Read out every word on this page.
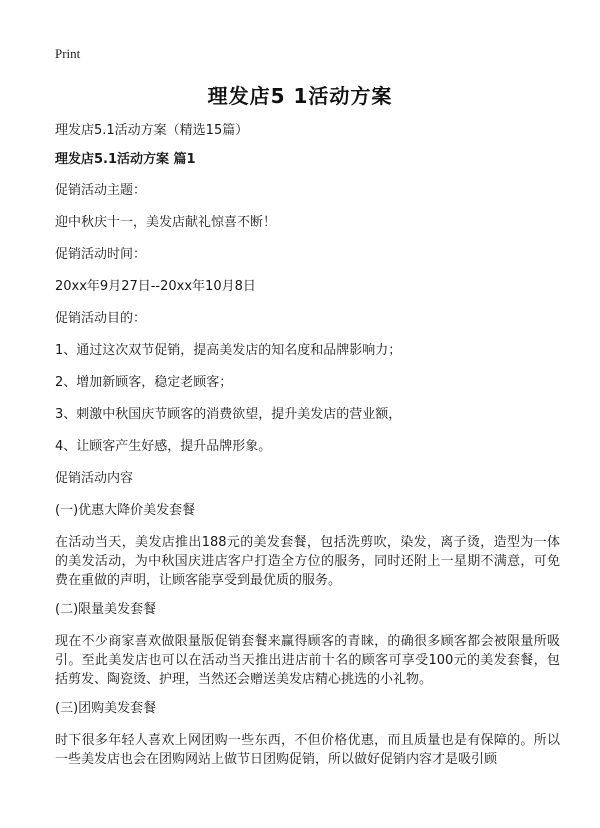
Print
理发店5 1活动方案

理发店5.1活动方案（精选15篇）

理发店5.1活动方案 篇1

促销活动主题：

迎中秋庆十一，美发店献礼惊喜不断！

促销活动时间：

20xx年9月27日--20xx年10月8日

促销活动目的：

1、通过这次双节促销，提高美发店的知名度和品牌影响力；

2、增加新顾客，稳定老顾客；

3、刺激中秋国庆节顾客的消费欲望，提升美发店的营业额，

4、让顾客产生好感，提升品牌形象。

促销活动内容

(一)优惠大降价美发套餐

在活动当天，美发店推出188元的美发套餐，包括洗剪吹，染发，离子烫，造型为一体的美发活动，为中秋国庆进店客户打造全方位的服务，同时还附上一星期不满意，可免费在重做的声明，让顾客能享受到最优质的服务。

(二)限量美发套餐

现在不少商家喜欢做限量版促销套餐来赢得顾客的青睐，的确很多顾客都会被限量所吸引。至此美发店也可以在活动当天推出进店前十名的顾客可享受100元的美发套餐，包括剪发、陶瓷烫、护理，当然还会赠送美发店精心挑选的小礼物。

(三)团购美发套餐

时下很多年轻人喜欢上网团购一些东西，不但价格优惠，而且质量也是有保障的。所以一些美发店也会在团购网站上做节日团购促销，所以做好促销内容才是吸引顾
